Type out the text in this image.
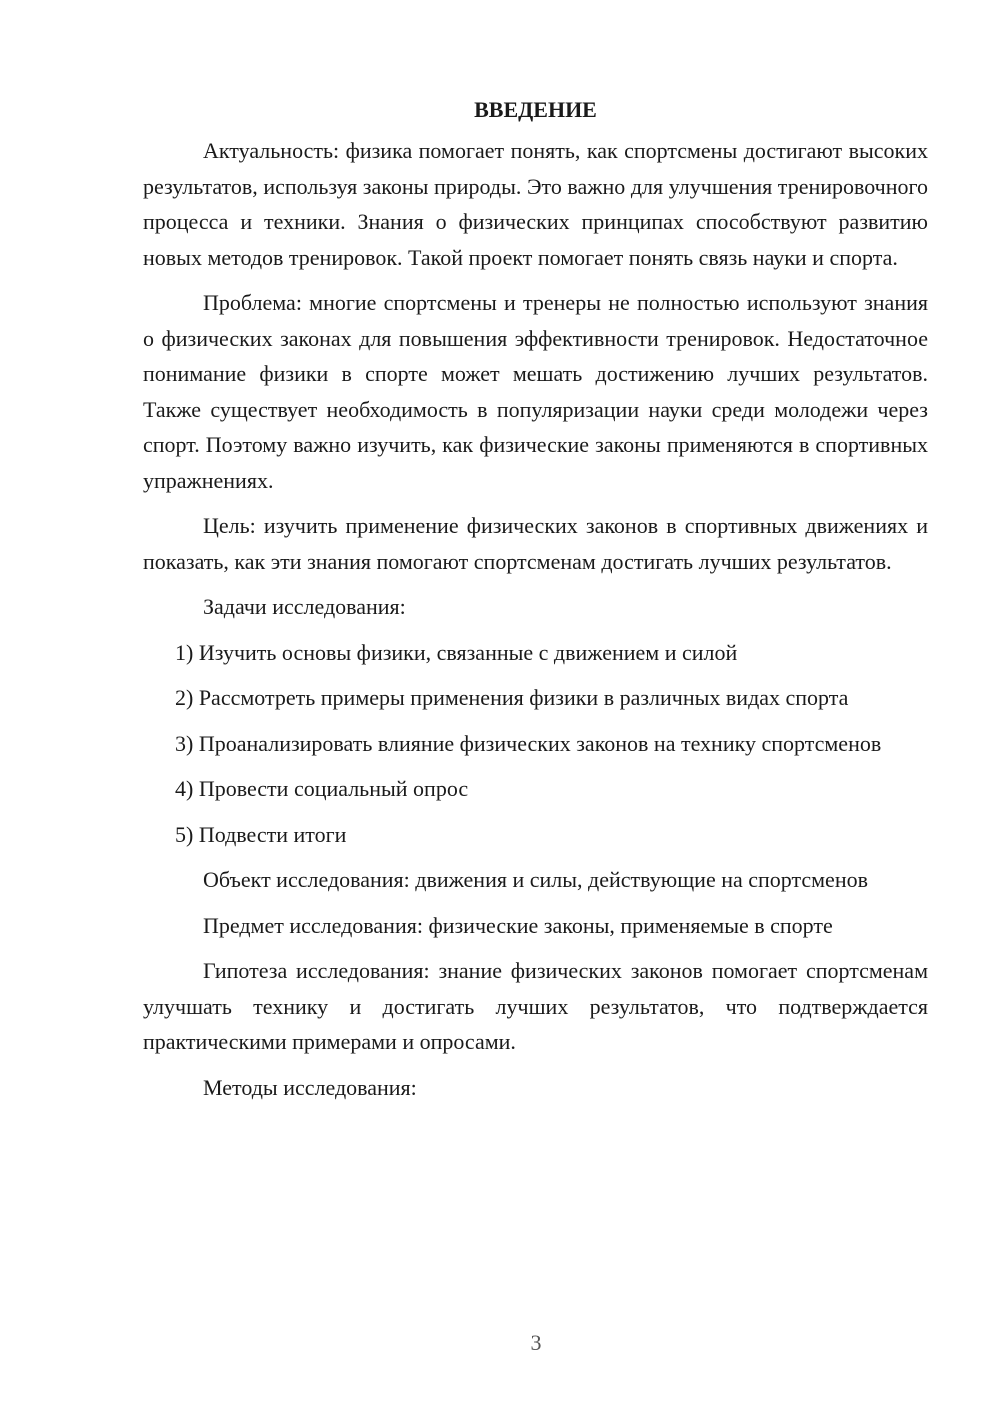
ВВЕДЕНИЕ

Актуальность: физика помогает понять, как спортсмены достигают высоких результатов, используя законы природы. Это важно для улучшения тренировочного процесса и техники. Знания о физических принципах способствуют развитию новых методов тренировок. Такой проект помогает понять связь науки и спорта.

Проблема: многие спортсмены и тренеры не полностью используют знания о физических законах для повышения эффективности тренировок. Недостаточное понимание физики в спорте может мешать достижению лучших результатов. Также существует необходимость в популяризации науки среди молодежи через спорт. Поэтому важно изучить, как физические законы применяются в спортивных упражнениях.

Цель: изучить применение физических законов в спортивных движениях и показать, как эти знания помогают спортсменам достигать лучших результатов.

Задачи исследования:

1) Изучить основы физики, связанные с движением и силой

2) Рассмотреть примеры применения физики в различных видах спорта

3) Проанализировать влияние физических законов на технику спортсменов

4) Провести социальный опрос

5) Подвести итоги

Объект исследования: движения и силы, действующие на спортсменов

Предмет исследования: физические законы, применяемые в спорте

Гипотеза исследования: знание физических законов помогает спортсменам улучшать технику и достигать лучших результатов, что подтверждается практическими примерами и опросами.

Методы исследования:

3
